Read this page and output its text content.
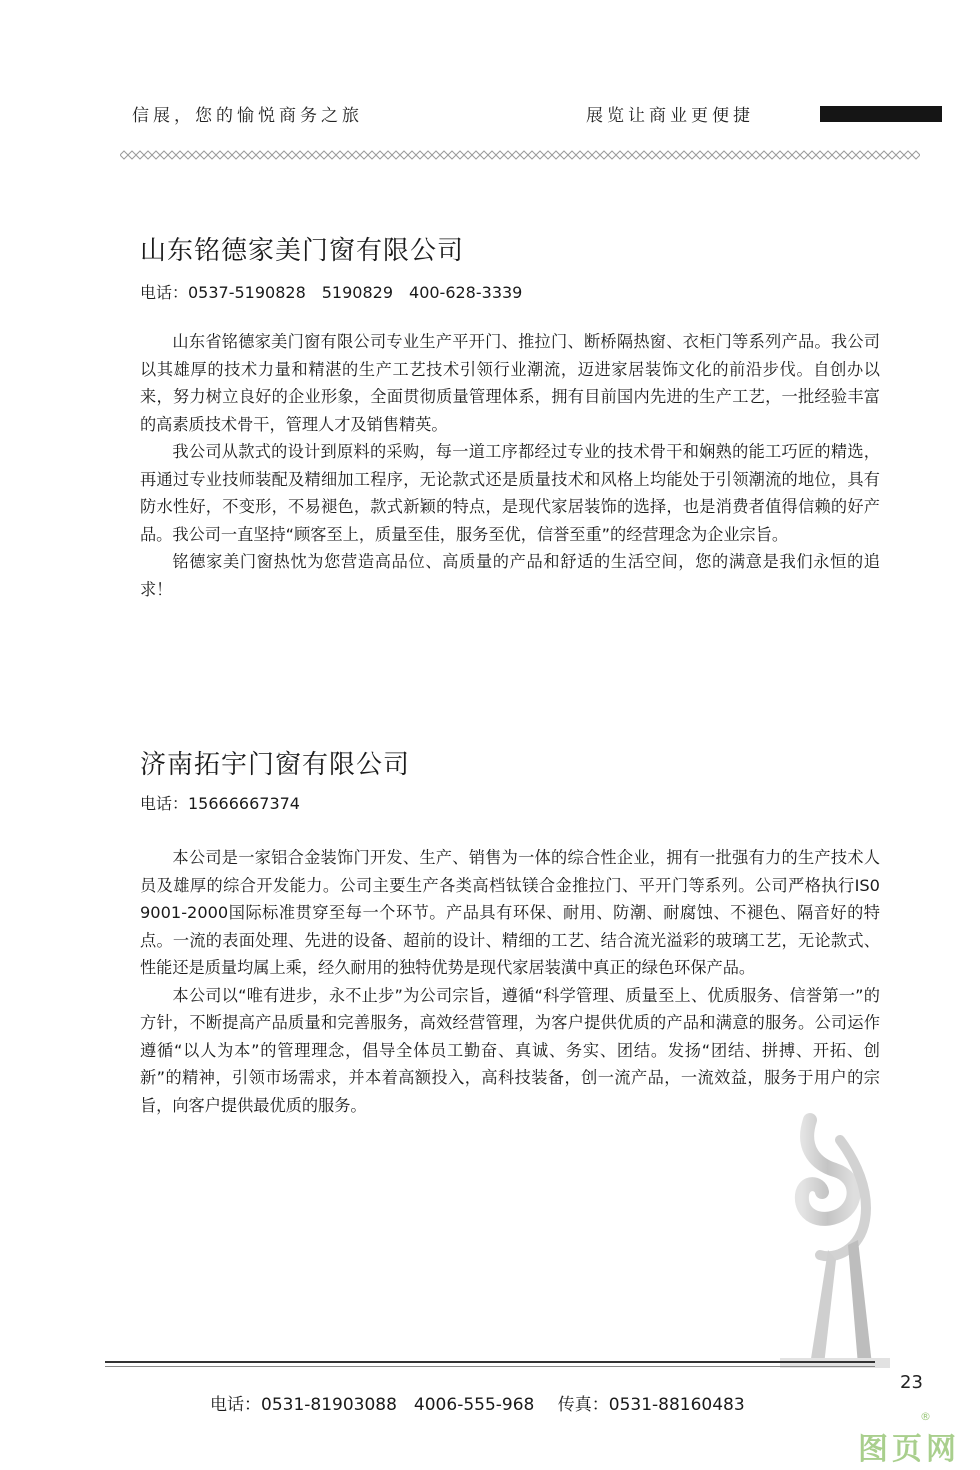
信展，您的愉悦商务之旅	展览让商业更便捷
山东铭德家美门窗有限公司
电话：0537-5190828　5190829　400-628-3339

山东省铭德家美门窗有限公司专业生产平开门、推拉门、断桥隔热窗、衣柜门等系列产品。我公司以其雄厚的技术力量和精湛的生产工艺技术引领行业潮流，迈进家居装饰文化的前沿步伐。自创办以来，努力树立良好的企业形象，全面贯彻质量管理体系，拥有目前国内先进的生产工艺，一批经验丰富的高素质技术骨干，管理人才及销售精英。

我公司从款式的设计到原料的采购，每一道工序都经过专业的技术骨干和娴熟的能工巧匠的精选，再通过专业技师装配及精细加工程序，无论款式还是质量技术和风格上均能处于引领潮流的地位，具有防水性好，不变形，不易褪色，款式新颖的特点，是现代家居装饰的选择，也是消费者值得信赖的好产品。我公司一直坚持“顾客至上，质量至佳，服务至优，信誉至重”的经营理念为企业宗旨。

铭德家美门窗热忱为您营造高品位、高质量的产品和舒适的生活空间，您的满意是我们永恒的追求！

济南拓宇门窗有限公司
电话：15666667374

本公司是一家铝合金装饰门开发、生产、销售为一体的综合性企业，拥有一批强有力的生产技术人员及雄厚的综合开发能力。公司主要生产各类高档钛镁合金推拉门、平开门等系列。公司严格执行IS0 9001-2000国际标准贯穿至每一个环节。产品具有环保、耐用、防潮、耐腐蚀、不褪色、隔音好的特点。一流的表面处理、先进的设备、超前的设计、精细的工艺、结合流光溢彩的玻璃工艺，无论款式、性能还是质量均属上乘，经久耐用的独特优势是现代家居装潢中真正的绿色环保产品。

本公司以“唯有进步，永不止步”为公司宗旨，遵循“科学管理、质量至上、优质服务、信誉第一”的方针，不断提高产品质量和完善服务，高效经营管理，为客户提供优质的产品和满意的服务。公司运作遵循“以人为本”的管理理念，倡导全体员工勤奋、真诚、务实、团结。发扬“团结、拼搏、开拓、创新”的精神，引领市场需求，并本着高额投入，高科技装备，创一流产品，一流效益，服务于用户的宗旨，向客户提供最优质的服务。

23
电话：0531-81903088　4006-555-968 传真：0531-88160483
图页网
®
